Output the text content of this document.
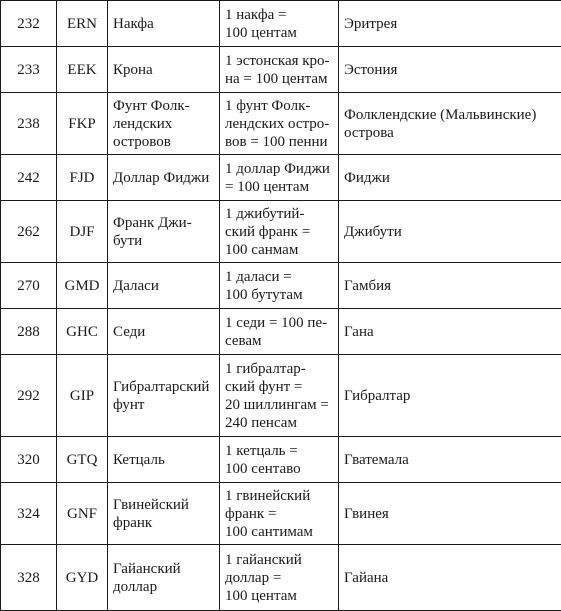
232	ERN	Накфа	1 накфа =
100 центам	Эритрея

233	EEK	Крона	1 эстонская кро-
на = 100 центам	Эстония

238	FKP	Фунт Фолк-
лендских
островов	1 фунт Фолк-
лендских остро-
вов = 100 пенни	Фолклендские (Мальвинские)
острова

242	FJD	Доллар Фиджи	1 доллар Фиджи
= 100 центам	Фиджи

262	DJF	Франк Джи-
бути	1 джибутий-
ский франк =
100 санмам	Джибути

270	GMD	Даласи	1 даласи =
100 бутутам	Гамбия

288	GHC	Седи	1 седи = 100 пе-
севам	Гана

292	GIP	Гибралтарский
фунт	1 гибралтар-
ский фунт =
20 шиллингам =
240 пенсам	Гибралтар

320	GTQ	Кетцаль	1 кетцаль =
100 сентаво	Гватемала

324	GNF	Гвинейский
франк	1 гвинейский
франк =
100 сантимам	Гвинея

328	GYD	Гайанский
доллар	1 гайанский
доллар =
100 центам	Гайана
